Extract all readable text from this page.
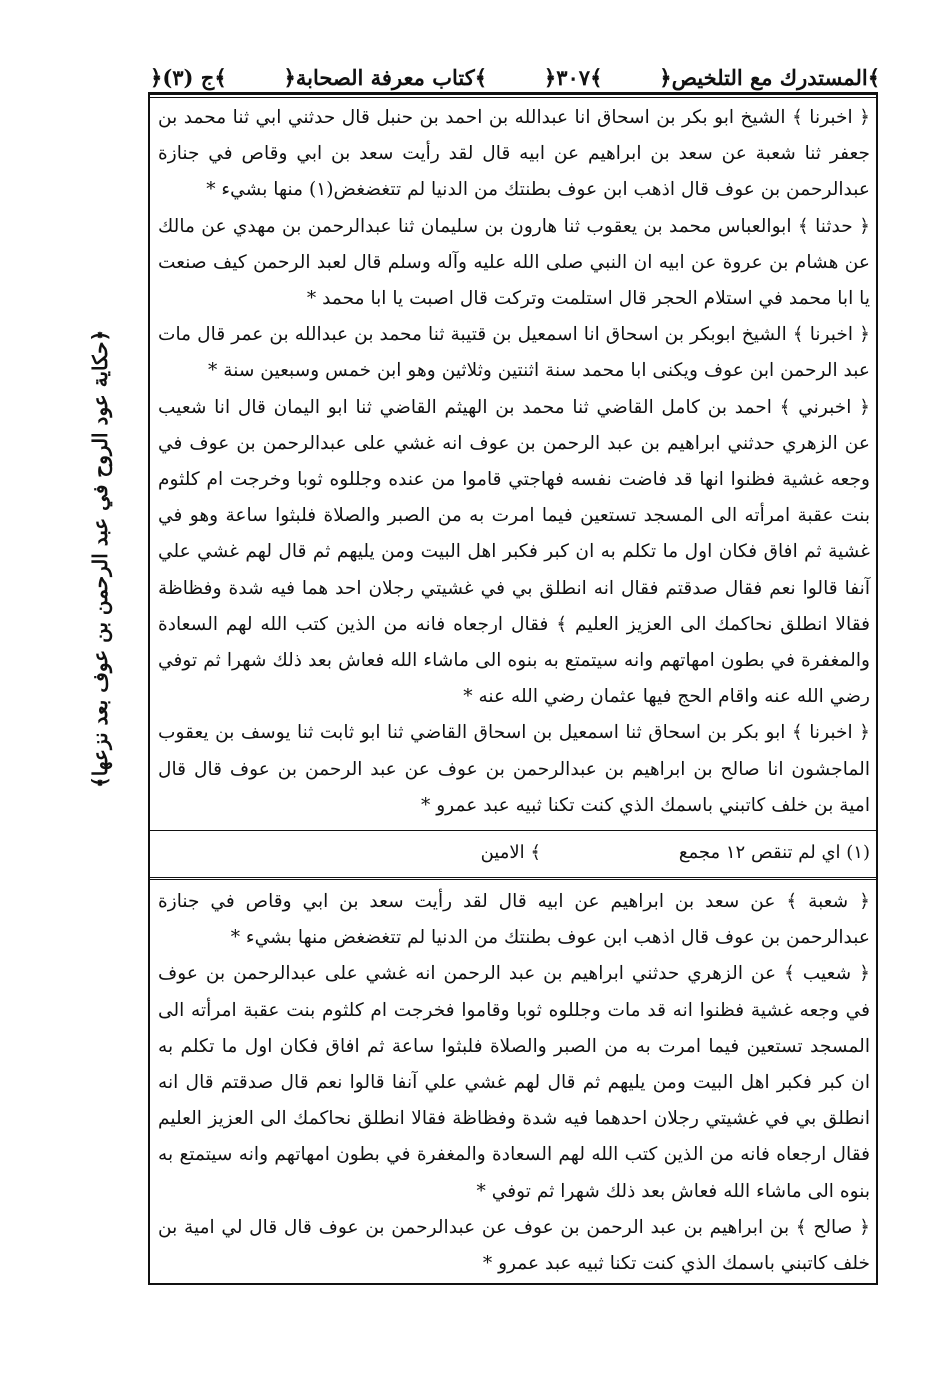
﴿المستدرك مع التلخيص﴾
﴿٣٠٧﴾
﴿كتاب معرفة الصحابة﴾
﴿ج (٣)﴾
﴿حكاية عود الروح في عبد الرحمن بن عوف بعد نزعها﴾

﴿ اخبرنا ﴾ الشيخ ابو بكر بن اسحاق انا عبدالله بن احمد بن حنبل قال حدثني ابي ثنا محمد بن جعفر ثنا شعبة عن سعد بن ابراهيم عن ابيه قال لقد رأيت سعد بن ابي وقاص في جنازة عبدالرحمن بن عوف قال اذهب ابن عوف بطنتك من الدنيا لم تتغضغض(١) منها بشيء *

﴿ حدثنا ﴾ ابوالعباس محمد بن يعقوب ثنا هارون بن سليمان ثنا عبدالرحمن بن مهدي عن مالك عن هشام بن عروة عن ابيه ان النبي صلى الله عليه وآله وسلم قال لعبد الرحمن كيف صنعت يا ابا محمد في استلام الحجر قال استلمت وتركت قال اصبت يا ابا محمد *

﴿ اخبرنا ﴾ الشيخ ابوبكر بن اسحاق انا اسمعيل بن قتيبة ثنا محمد بن عبدالله بن عمر قال مات عبد الرحمن ابن عوف ويكنى ابا محمد سنة اثنتين وثلاثين وهو ابن خمس وسبعين سنة *

﴿ اخبرني ﴾ احمد بن كامل القاضي ثنا محمد بن الهيثم القاضي ثنا ابو اليمان قال انا شعيب عن الزهري حدثني ابراهيم بن عبد الرحمن بن عوف انه غشي على عبدالرحمن بن عوف في وجعه غشية فظنوا انها قد فاضت نفسه فهاجتي قاموا من عنده وجللوه ثوبا وخرجت ام كلثوم بنت عقبة امرأته الى المسجد تستعين فيما امرت به من الصبر والصلاة فلبثوا ساعة وهو في غشية ثم افاق فكان اول ما تكلم به ان كبر فكبر اهل البيت ومن يليهم ثم قال لهم غشي علي آنفا قالوا نعم فقال صدقتم فقال انه انطلق بي في غشيتي رجلان احد هما فيه شدة وفظاظة فقالا انطلق نحاكمك الى العزيز العليم ﴾ فقال ارجعاه فانه من الذين كتب الله لهم السعادة والمغفرة في بطون امهاتهم وانه سيتمتع به بنوه الى ماشاء الله فعاش بعد ذلك شهرا ثم توفي رضي الله عنه واقام الحج فيها عثمان رضي الله عنه *

﴿ اخبرنا ﴾ ابو بكر بن اسحاق ثنا اسمعيل بن اسحاق القاضي ثنا ابو ثابت ثنا يوسف بن يعقوب الماجشون انا صالح بن ابراهيم بن عبدالرحمن بن عوف عن عبد الرحمن بن عوف قال قال امية بن خلف كاتبني باسمك الذي كنت تكنا ثبيه عبد عمرو *

(١) اي لم تنقص ١٢ مجمع
﴾ الامين

﴿ شعبة ﴾ عن سعد بن ابراهيم عن ابيه قال لقد رأيت سعد بن ابي وقاص في جنازة عبدالرحمن بن عوف قال اذهب ابن عوف بطنتك من الدنيا لم تتغضغض منها بشيء *

﴿ شعيب ﴾ عن الزهري حدثني ابراهيم بن عبد الرحمن انه غشي على عبدالرحمن بن عوف في وجعه غشية فظنوا انه قد مات وجللوه ثوبا وقاموا فخرجت ام كلثوم بنت عقبة امرأته الى المسجد تستعين فيما امرت به من الصبر والصلاة فلبثوا ساعة ثم افاق فكان اول ما تكلم به ان كبر فكبر اهل البيت ومن يليهم ثم قال لهم غشي علي آنفا قالوا نعم قال صدقتم قال انه انطلق بي في غشيتي رجلان احدهما فيه شدة وفظاظة فقالا انطلق نحاكمك الى العزيز العليم فقال ارجعاه فانه من الذين كتب الله لهم السعادة والمغفرة في بطون امهاتهم وانه سيتمتع به بنوه الى ماشاء الله فعاش بعد ذلك شهرا ثم توفي *

﴿ صالح ﴾ بن ابراهيم بن عبد الرحمن بن عوف عن عبدالرحمن بن عوف قال قال لي امية بن خلف كاتبني باسمك الذي كنت تكنا ثبيه عبد عمرو *
